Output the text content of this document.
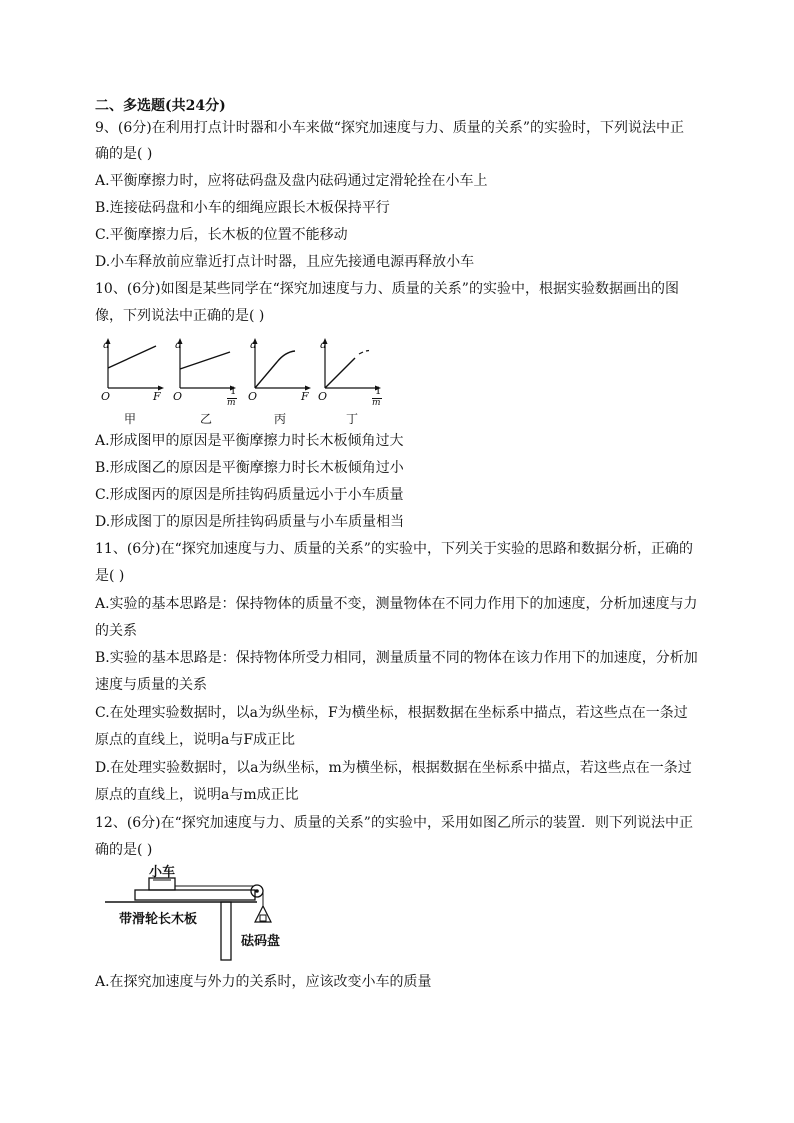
二、多选题(共24分)
9、(6分)在利用打点计时器和小车来做“探究加速度与力、质量的关系”的实验时，下列说法中正
确的是( )
A.平衡摩擦力时，应将砝码盘及盘内砝码通过定滑轮拴在小车上
B.连接砝码盘和小车的细绳应跟长木板保持平行
C.平衡摩擦力后，长木板的位置不能移动
D.小车释放前应靠近打点计时器，且应先接通电源再释放小车
10、(6分)如图是某些同学在“探究加速度与力、质量的关系”的实验中，根据实验数据画出的图
像，下列说法中正确的是( )
a
O	F
甲
a
O	1
m
乙
a
O	F
丙
a
O	1
m
丁
A.形成图甲的原因是平衡摩擦力时长木板倾角过大
B.形成图乙的原因是平衡摩擦力时长木板倾角过小
C.形成图丙的原因是所挂钩码质量远小于小车质量
D.形成图丁的原因是所挂钩码质量与小车质量相当
11、(6分)在“探究加速度与力、质量的关系”的实验中，下列关于实验的思路和数据分析，正确的
是( )
A.实验的基本思路是：保持物体的质量不变，测量物体在不同力作用下的加速度，分析加速度与力
的关系
B.实验的基本思路是：保持物体所受力相同，测量质量不同的物体在该力作用下的加速度，分析加
速度与质量的关系
C.在处理实验数据时，以a为纵坐标，F为横坐标，根据数据在坐标系中描点，若这些点在一条过
原点的直线上，说明a与F成正比
D.在处理实验数据时，以a为纵坐标，m为横坐标，根据数据在坐标系中描点，若这些点在一条过
原点的直线上，说明a与m成正比
12、(6分)在“探究加速度与力、质量的关系”的实验中，采用如图乙所示的装置．则下列说法中正
确的是( )
小车
带滑轮长木板
砝码盘
A.在探究加速度与外力的关系时，应该改变小车的质量
